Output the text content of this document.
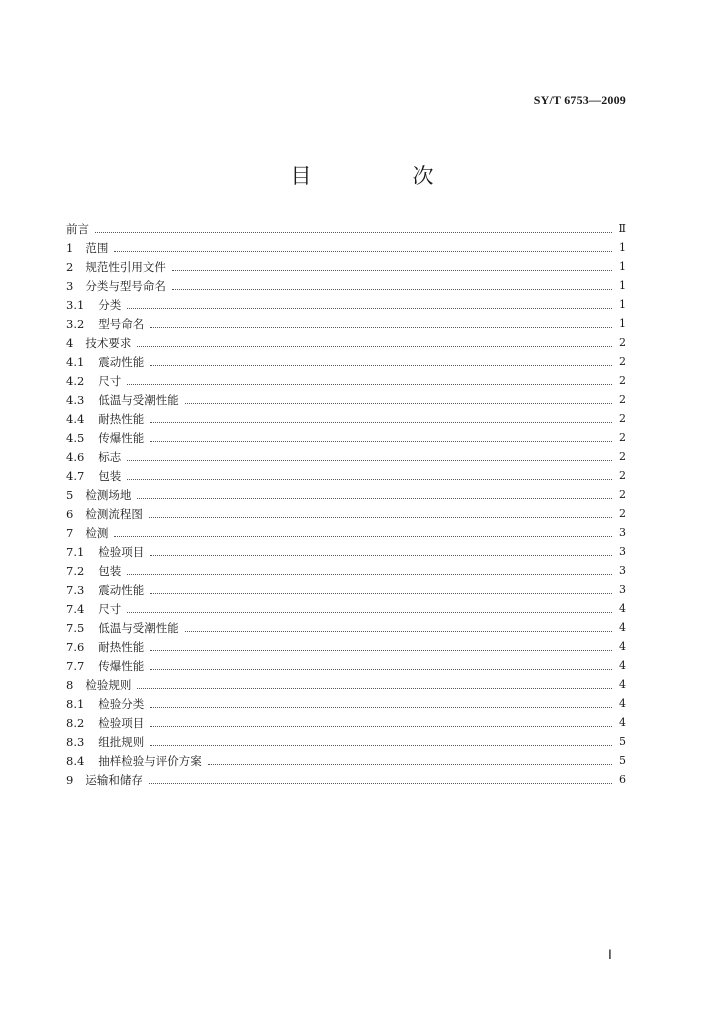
SY/T 6753—2009
目　次
前言	Ⅱ
1 范围	1
2 规范性引用文件	1
3 分类与型号命名	1
3.1 分类	1
3.2 型号命名	1
4 技术要求	2
4.1 震动性能	2
4.2 尺寸	2
4.3 低温与受潮性能	2
4.4 耐热性能	2
4.5 传爆性能	2
4.6 标志	2
4.7 包装	2
5 检测场地	2
6 检测流程图	2
7 检测	3
7.1 检验项目	3
7.2 包装	3
7.3 震动性能	3
7.4 尺寸	4
7.5 低温与受潮性能	4
7.6 耐热性能	4
7.7 传爆性能	4
8 检验规则	4
8.1 检验分类	4
8.2 检验项目	4
8.3 组批规则	5
8.4 抽样检验与评价方案	5
9 运输和储存	6
Ⅰ
